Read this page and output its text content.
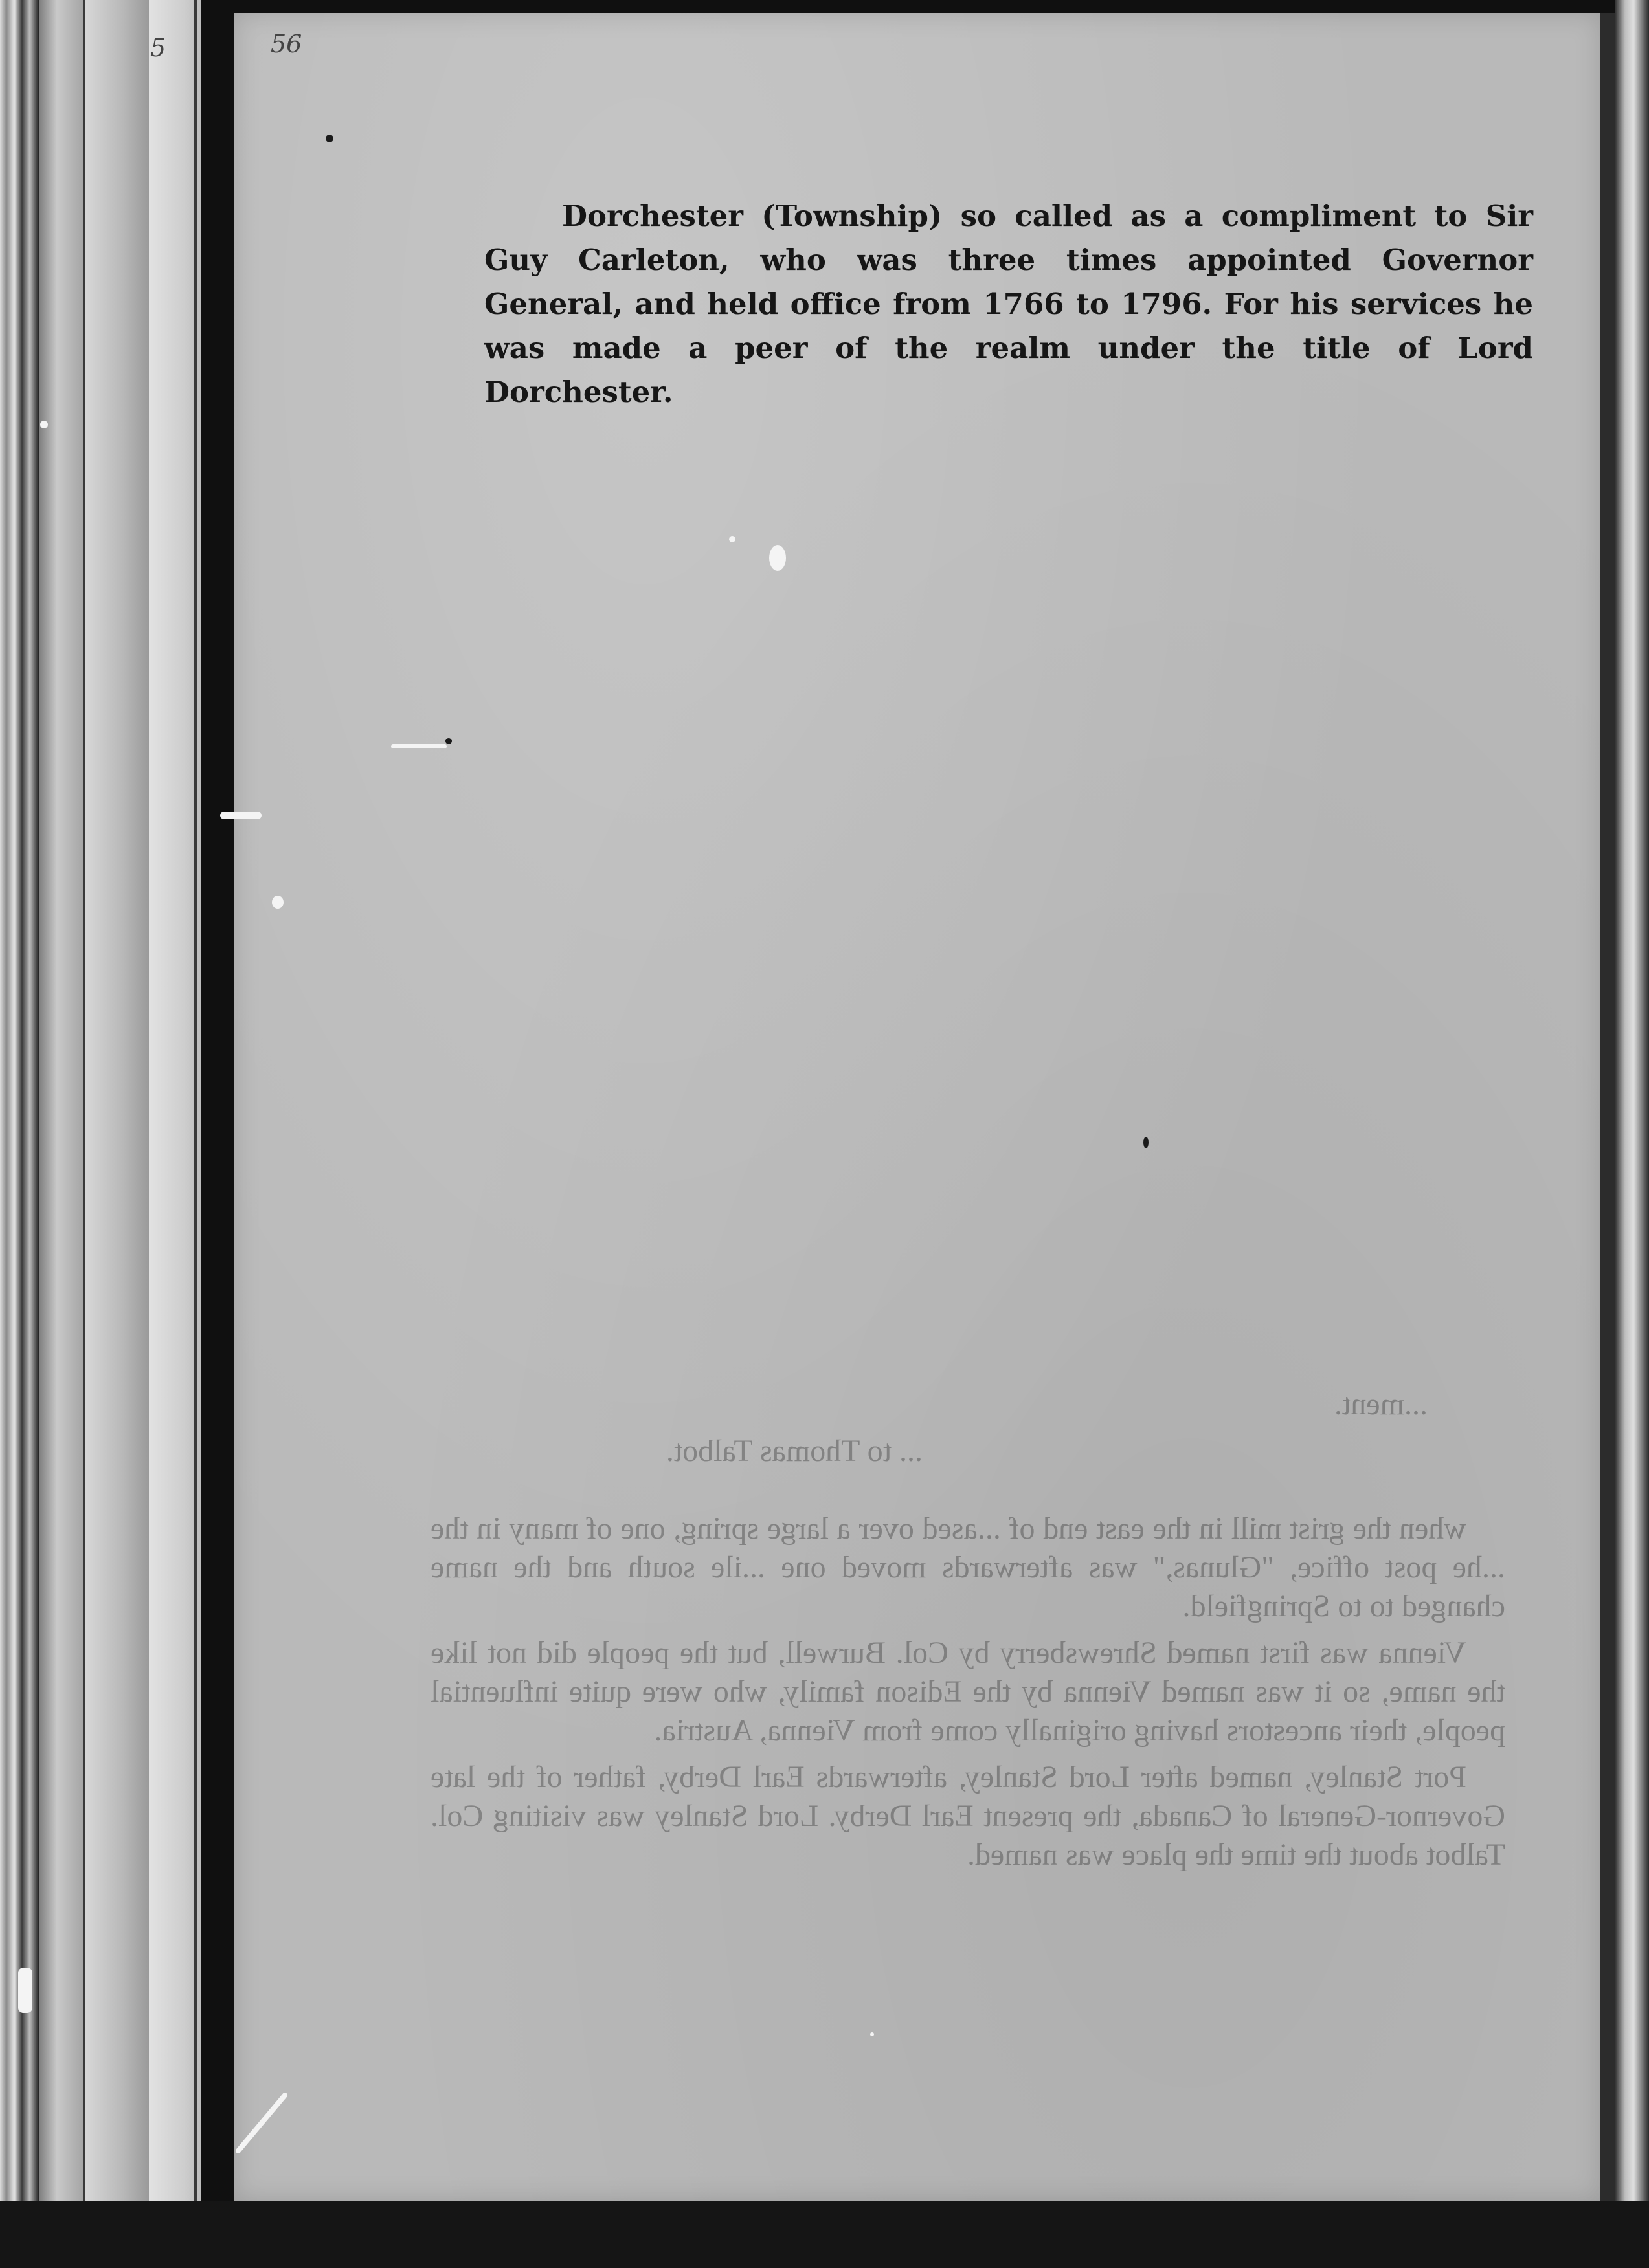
5	56

Dorchester (Township) so called as a compliment to Sir Guy Carleton, who was three times appointed Governor General, and held office from 1766 to 1796. For his services he was made a peer of the realm under the title of Lord Dorchester.

...ment.

... to Thomas Talbot.

when the grist mill in the east end of ...ased over a large spring, one of many in the ...he post office, "Glunas," was afterwards moved one ...ile south and the name changed to to Springfield.

Vienna was first named Shrewsberry by Col. Burwell, but the people did not like the name, so it was named Vienna by the Edison family, who were quite influential people, their ancestors having originally come from Vienna, Austria.

Port Stanley, named after Lord Stanley, afterwards Earl Derby, father of the late Governor-General of Canada, the present Earl Derby. Lord Stanley was visiting Col. Talbot about the time the place was named.
